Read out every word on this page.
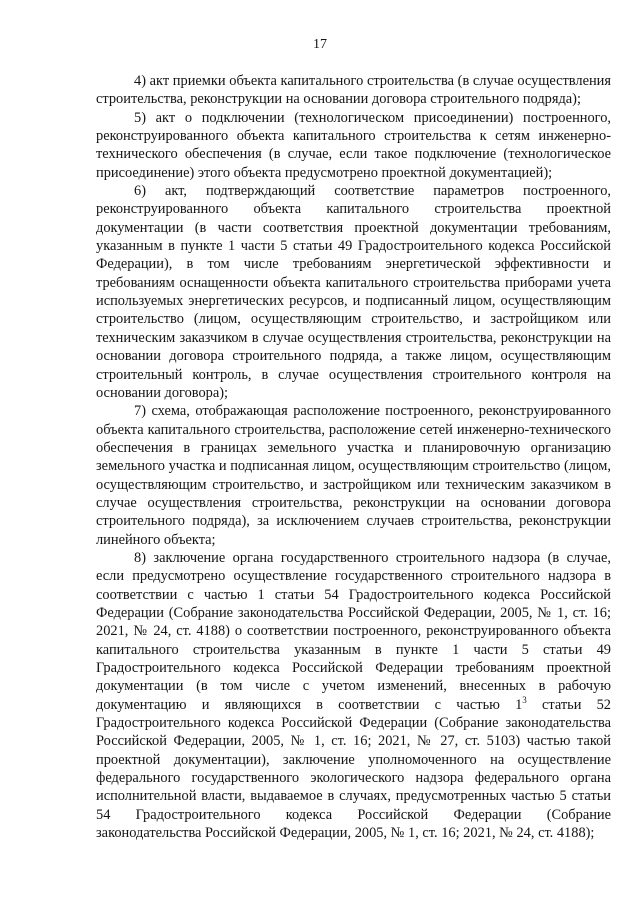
17

4) акт приемки объекта капитального строительства (в случае осуществления строительства, реконструкции на основании договора строительного подряда);

5) акт о подключении (технологическом присоединении) построенного, реконструированного объекта капитального строительства к сетям инженерно-технического обеспечения (в случае, если такое подключение (технологическое присоединение) этого объекта предусмотрено проектной документацией);

6) акт, подтверждающий соответствие параметров построенного, реконструированного объекта капитального строительства проектной документации (в части соответствия проектной документации требованиям, указанным в пункте 1 части 5 статьи 49 Градостроительного кодекса Российской Федерации), в том числе требованиям энергетической эффективности и требованиям оснащенности объекта капитального строительства приборами учета используемых энергетических ресурсов, и подписанный лицом, осуществляющим строительство (лицом, осуществляющим строительство, и застройщиком или техническим заказчиком в случае осуществления строительства, реконструкции на основании договора строительного подряда, а также лицом, осуществляющим строительный контроль, в случае осуществления строительного контроля на основании договора);

7) схема, отображающая расположение построенного, реконструированного объекта капитального строительства, расположение сетей инженерно-технического обеспечения в границах земельного участка и планировочную организацию земельного участка и подписанная лицом, осуществляющим строительство (лицом, осуществляющим строительство, и застройщиком или техническим заказчиком в случае осуществления строительства, реконструкции на основании договора строительного подряда), за исключением случаев строительства, реконструкции линейного объекта;

8) заключение органа государственного строительного надзора (в случае, если предусмотрено осуществление государственного строительного надзора в соответствии с частью 1 статьи 54 Градостроительного кодекса Российской Федерации (Собрание законодательства Российской Федерации, 2005, № 1, ст. 16; 2021, № 24, ст. 4188) о соответствии построенного, реконструированного объекта капитального строительства указанным в пункте 1 части 5 статьи 49 Градостроительного кодекса Российской Федерации требованиям проектной документации (в том числе с учетом изменений, внесенных в рабочую документацию и являющихся в соответствии с частью $1^3$ статьи 52 Градостроительного кодекса Российской Федерации (Собрание законодательства Российской Федерации, 2005, № 1, ст. 16; 2021, № 27, ст. 5103) частью такой проектной документации), заключение уполномоченного на осуществление федерального государственного экологического надзора федерального органа исполнительной власти, выдаваемое в случаях, предусмотренных частью 5 статьи 54 Градостроительного кодекса Российской Федерации (Собрание законодательства Российской Федерации, 2005, № 1, ст. 16; 2021, № 24, ст. 4188);
